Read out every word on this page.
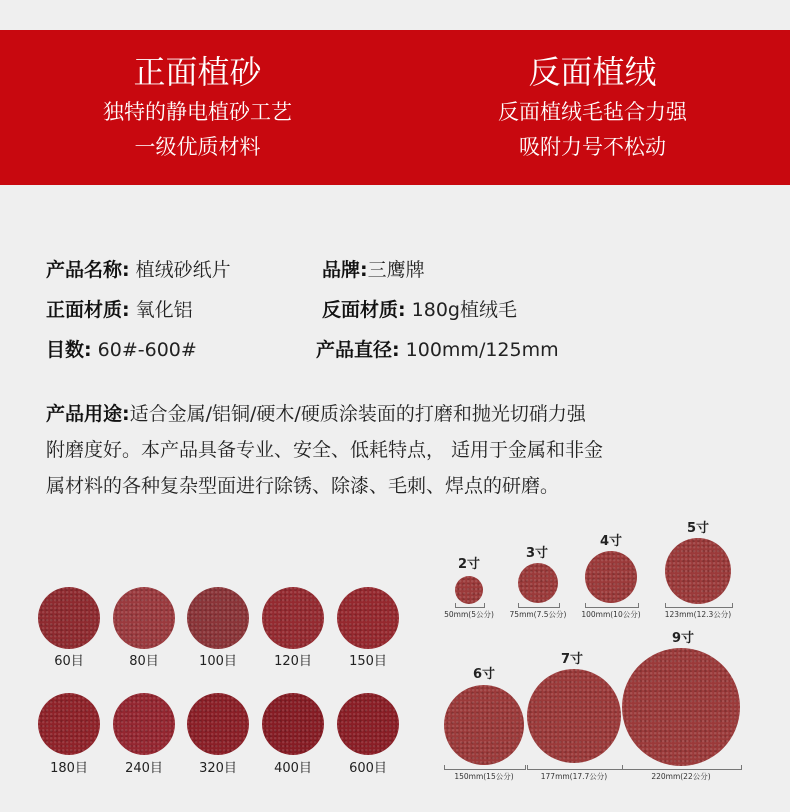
正面植砂
独特的静电植砂工艺
一级优质材料
反面植绒
反面植绒毛毡合力强
吸附力号不松动
产品名称: 植绒砂纸片	品牌:三鹰牌
正面材质: 氧化铝	反面材质: 180g植绒毛
目数: 60#-600#	产品直径: 100mm/125mm
产品用途:适合金属/铝铜/硬木/硬质涂装面的打磨和抛光切硝力强
附磨度好。本产品具备专业、安全、低耗特点， 适用于金属和非金
属材料的各种复杂型面进行除锈、除漆、毛刺、焊点的研磨。
60目	80目	100目	120目	150目
180目	240目	320目	400目	600目
2寸
50mm(5公分)
3寸
75mm(7.5公分)
4寸
100mm(10公分)
5寸
123mm(12.3公分)
6寸
150mm(15公分)
7寸
177mm(17.7公分)
9寸
220mm(22公分)
